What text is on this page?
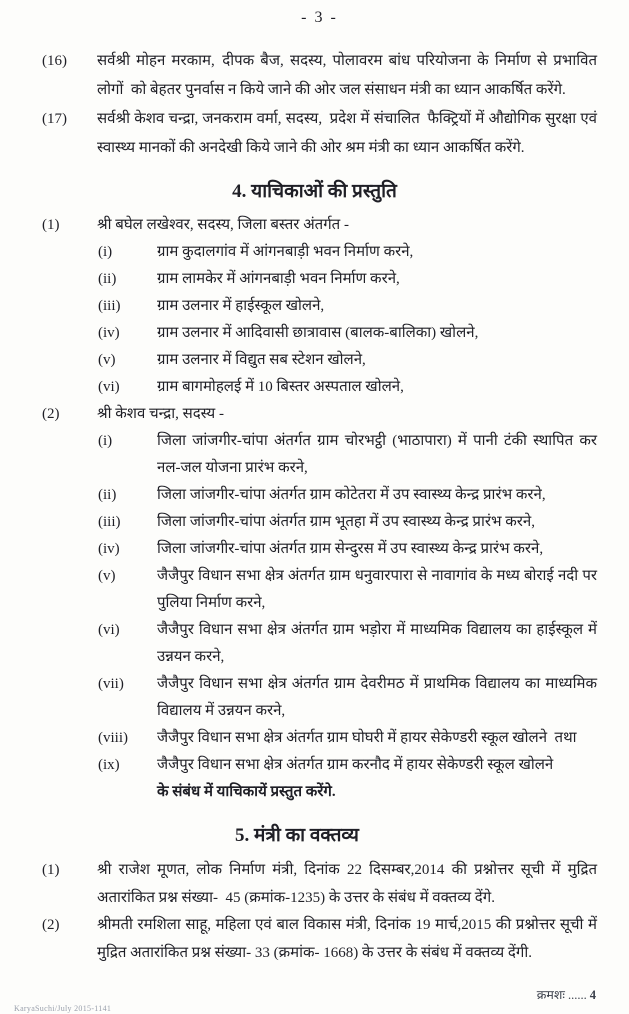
- 3 -
(16)	सर्वश्री मोहन मरकाम, दीपक बैज, सदस्य, पोलावरम बांध परियोजना के निर्माण से प्रभावित लोगों को बेहतर पुनर्वास न किये जाने की ओर जल संसाधन मंत्री का ध्यान आकर्षित करेंगे.
(17)	सर्वश्री केशव चन्द्रा, जनकराम वर्मा, सदस्य, प्रदेश में संचालित फैक्ट्रियों में औद्योगिक सुरक्षा एवं स्वास्थ्य मानकों की अनदेखी किये जाने की ओर श्रम मंत्री का ध्यान आकर्षित करेंगे.
4. याचिकाओं की प्रस्तुति
(1)	श्री बघेल लखेश्वर, सदस्य, जिला बस्तर अंतर्गत -
(i)	ग्राम कुदालगांव में आंगनबाड़ी भवन निर्माण करने,
(ii)	ग्राम लामकेर में आंगनबाड़ी भवन निर्माण करने,
(iii)	ग्राम उलनार में हाईस्कूल खोलने,
(iv)	ग्राम उलनार में आदिवासी छात्रावास (बालक-बालिका) खोलने,
(v)	ग्राम उलनार में विद्युत सब स्टेशन खोलने,
(vi)	ग्राम बागमोहलई में 10 बिस्तर अस्पताल खोलने,
(2)	श्री केशव चन्द्रा, सदस्य -
(i)	जिला जांजगीर-चांपा अंतर्गत ग्राम चोरभट्ठी (भाठापारा) में पानी टंकी स्थापित कर नल-जल योजना प्रारंभ करने,
(ii)	जिला जांजगीर-चांपा अंतर्गत ग्राम कोटेतरा में उप स्वास्थ्य केन्द्र प्रारंभ करने,
(iii)	जिला जांजगीर-चांपा अंतर्गत ग्राम भूतहा में उप स्वास्थ्य केन्द्र प्रारंभ करने,
(iv)	जिला जांजगीर-चांपा अंतर्गत ग्राम सेन्दुरस में उप स्वास्थ्य केन्द्र प्रारंभ करने,
(v)	जैजैपुर विधान सभा क्षेत्र अंतर्गत ग्राम धनुवारपारा से नावागांव के मध्य बोराई नदी पर पुलिया निर्माण करने,
(vi)	जैजैपुर विधान सभा क्षेत्र अंतर्गत ग्राम भड़ोरा में माध्यमिक विद्यालय का हाईस्कूल में उन्नयन करने,
(vii)	जैजैपुर विधान सभा क्षेत्र अंतर्गत ग्राम देवरीमठ में प्राथमिक विद्यालय का माध्यमिक विद्यालय में उन्नयन करने,
(viii)	जैजैपुर विधान सभा क्षेत्र अंतर्गत ग्राम घोघरी में हायर सेकेण्डरी स्कूल खोलने तथा
(ix)	जैजैपुर विधान सभा क्षेत्र अंतर्गत ग्राम करनौद में हायर सेकेण्डरी स्कूल खोलने
के संबंध में याचिकायें प्रस्तुत करेंगे.
5. मंत्री का वक्तव्य
(1)	श्री राजेश मूणत, लोक निर्माण मंत्री, दिनांक 22 दिसम्बर,2014 की प्रश्नोत्तर सूची में मुद्रित अतारांकित प्रश्न संख्या- 45 (क्रमांक-1235) के उत्तर के संबंध में वक्तव्य देंगे.
(2)	श्रीमती रमशिला साहू, महिला एवं बाल विकास मंत्री, दिनांक 19 मार्च,2015 की प्रश्नोत्तर सूची में मुद्रित अतारांकित प्रश्न संख्या- 33 (क्रमांक- 1668) के उत्तर के संबंध में वक्तव्य देंगी.
KaryaSuchi/July 2015-1141
क्रमशः ...... 4
